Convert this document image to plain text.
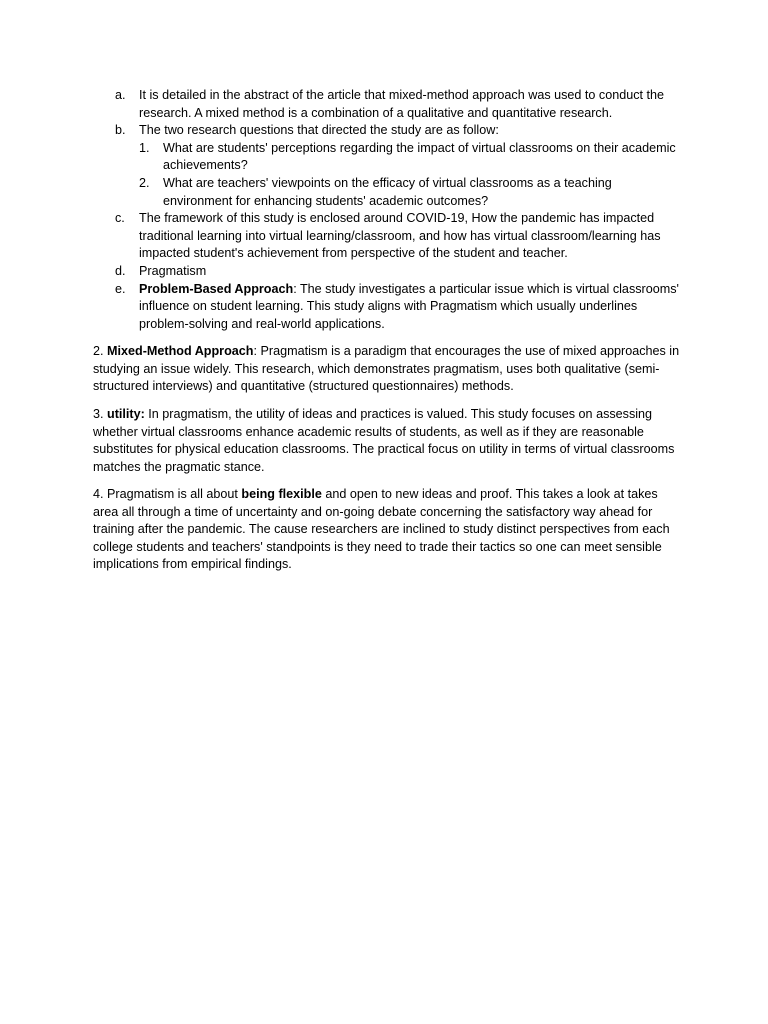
a. It is detailed in the abstract of the article that mixed-method approach was used to conduct the research. A mixed method is a combination of a qualitative and quantitative research.
b. The two research questions that directed the study are as follow:
1. What are students' perceptions regarding the impact of virtual classrooms on their academic achievements?
2. What are teachers' viewpoints on the efficacy of virtual classrooms as a teaching environment for enhancing students' academic outcomes?
c. The framework of this study is enclosed around COVID-19, How the pandemic has impacted traditional learning into virtual learning/classroom, and how has virtual classroom/learning has impacted student's achievement from perspective of the student and teacher.
d. Pragmatism
e. Problem-Based Approach: The study investigates a particular issue which is virtual classrooms' influence on student learning. This study aligns with Pragmatism which usually underlines problem-solving and real-world applications.

2. Mixed-Method Approach: Pragmatism is a paradigm that encourages the use of mixed approaches in studying an issue widely. This research, which demonstrates pragmatism, uses both qualitative (semi-structured interviews) and quantitative (structured questionnaires) methods.

3. utility: In pragmatism, the utility of ideas and practices is valued. This study focuses on assessing whether virtual classrooms enhance academic results of students, as well as if they are reasonable substitutes for physical education classrooms. The practical focus on utility in terms of virtual classrooms matches the pragmatic stance.

4. Pragmatism is all about being flexible and open to new ideas and proof. This takes a look at takes area all through a time of uncertainty and on-going debate concerning the satisfactory way ahead for training after the pandemic. The cause researchers are inclined to study distinct perspectives from each college students and teachers' standpoints is they need to trade their tactics so one can meet sensible implications from empirical findings.
